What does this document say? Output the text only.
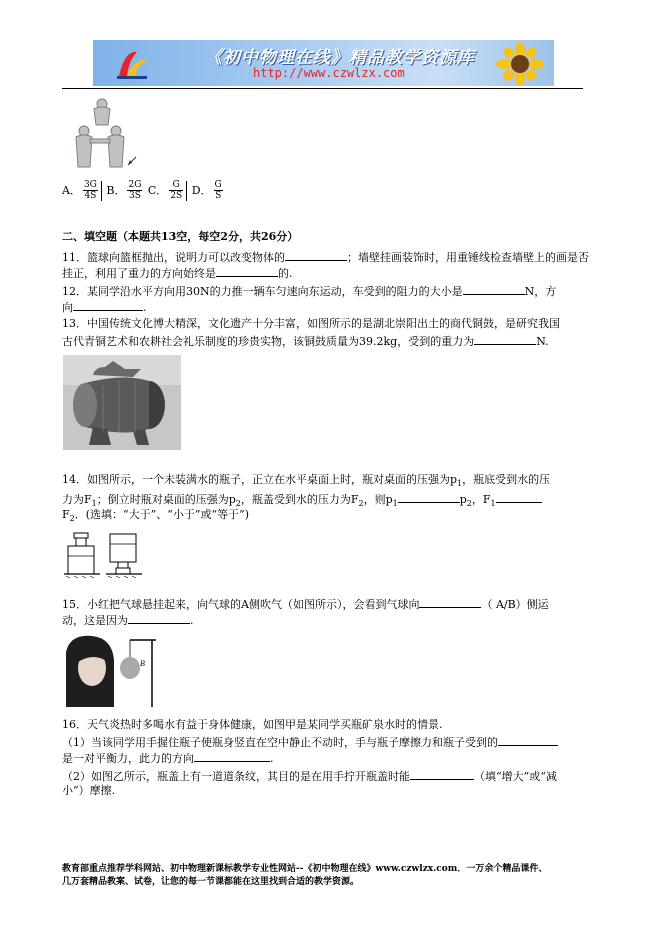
《初中物理在线》精品教学资源库
http://www.czwlzx.com
A． $\frac{3G}{4S}$ B． $\frac{2G}{3S}$ C． $\frac{G}{2S}$ D． $\frac{G}{S}$
二、填空题（本题共13空，每空2分，共26分）
11．篮球向篮框抛出，说明力可以改变物体的	；墙壁挂画装饰时，用重锤线检查墙壁上的画是否
挂正，利用了重力的方向始终是	的.
12．某同学沿水平方向用30N的力推一辆车匀速向东运动，车受到的阻力的大小是	N，方
向	.
13．中国传统文化博大精深，文化遗产十分丰富，如图所示的是湖北崇阳出土的商代铜鼓，是研究我国
古代青铜艺术和农耕社会礼乐制度的珍贵实物，该铜鼓质量为39.2kg，受到的重力为	N.
14．如图所示，一个未装满水的瓶子，正立在水平桌面上时，瓶对桌面的压强为$p_1$，瓶底受到水的压
力为$F_1$；倒立时瓶对桌面的压强为$p_2$，瓶盖受到水的压力为$F_2$，则$p_1$	$p_2$，$F_1$
$F_2$．(选填：“大于”、“小于”或“等于”)
15．小红把气球悬挂起来，向气球的A侧吹气（如图所示），会看到气球向	（ A/B）侧运
动，这是因为	.
B
16．天气炎热时多喝水有益于身体健康，如图甲是某同学买瓶矿泉水时的情景.
（1）当该同学用手握住瓶子使瓶身竖直在空中静止不动时，手与瓶子摩擦力和瓶子受到的
是一对平衡力，此力的方向	.
（2）如图乙所示，瓶盖上有一道道条纹，其目的是在用手拧开瓶盖时能	（填“增大”或“减
小”）摩擦.
教育部重点推荐学科网站、初中物理新课标教学专业性网站--《初中物理在线》www.czwlzx.com．一万余个精品课件、
几万套精品教案、试卷，让您的每一节课都能在这里找到合适的教学资源。
